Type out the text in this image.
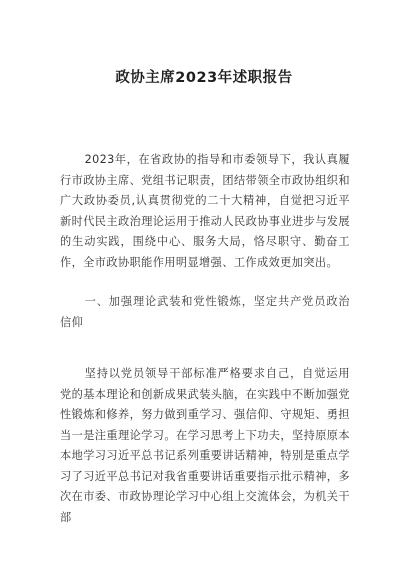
政协主席2023年述职报告

2023年，在省政协的指导和市委领导下，我认真履行市政协主席、党组书记职责，团结带领全市政协组织和广大政协委员,认真贯彻党的二十大精神，自觉把习近平新时代民主政治理论运用于推动人民政协事业进步与发展的生动实践，围绕中心、服务大局，恪尽职守、勤奋工作，全市政协职能作用明显增强、工作成效更加突出。

一、加强理论武装和党性锻炼，坚定共产党员政治信仰

坚持以党员领导干部标准严格要求自己，自觉运用党的基本理论和创新成果武装头脑，在实践中不断加强党性锻炼和修养，努力做到重学习、强信仰、守规矩、勇担当一是注重理论学习。在学习思考上下功夫，坚持原原本本地学习习近平总书记系列重要讲话精神，特别是重点学习了习近平总书记对我省重要讲话重要指示批示精神，多次在市委、市政协理论学习中心组上交流体会，为机关干部
